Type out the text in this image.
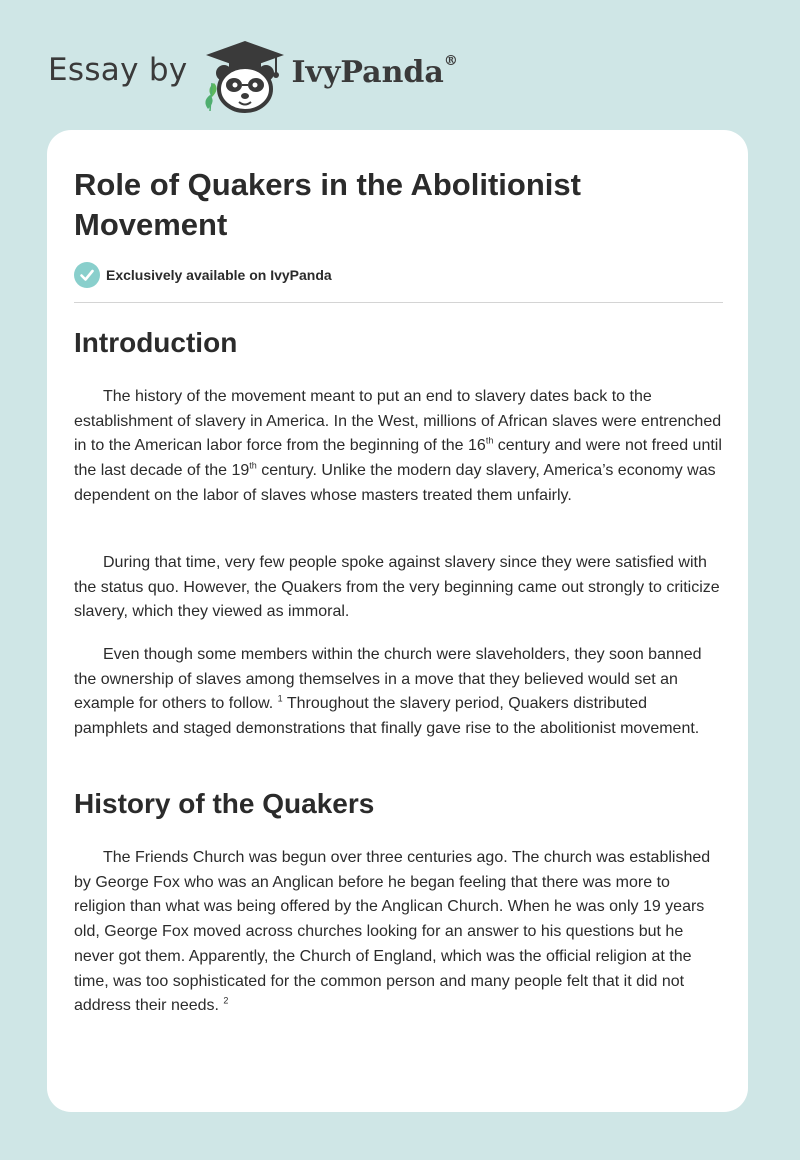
Essay by	IvyPanda®
Role of Quakers in the Abolitionist Movement
Exclusively available on IvyPanda
Introduction

The history of the movement meant to put an end to slavery dates back to the establishment of slavery in America. In the West, millions of African slaves were entrenched in to the American labor force from the beginning of the 16th century and were not freed until the last decade of the 19th century. Unlike the modern day slavery, America’s economy was dependent on the labor of slaves whose masters treated them unfairly.

During that time, very few people spoke against slavery since they were satisfied with the status quo. However, the Quakers from the very beginning came out strongly to criticize slavery, which they viewed as immoral.

Even though some members within the church were slaveholders, they soon banned the ownership of slaves among themselves in a move that they believed would set an example for others to follow. $^1$ Throughout the slavery period, Quakers distributed pamphlets and staged demonstrations that finally gave rise to the abolitionist movement.

History of the Quakers

The Friends Church was begun over three centuries ago. The church was established by George Fox who was an Anglican before he began feeling that there was more to religion than what was being offered by the Anglican Church. When he was only 19 years old, George Fox moved across churches looking for an answer to his questions but he never got them. Apparently, the Church of England, which was the official religion at the time, was too sophisticated for the common person and many people felt that it did not address their needs. $^2$
